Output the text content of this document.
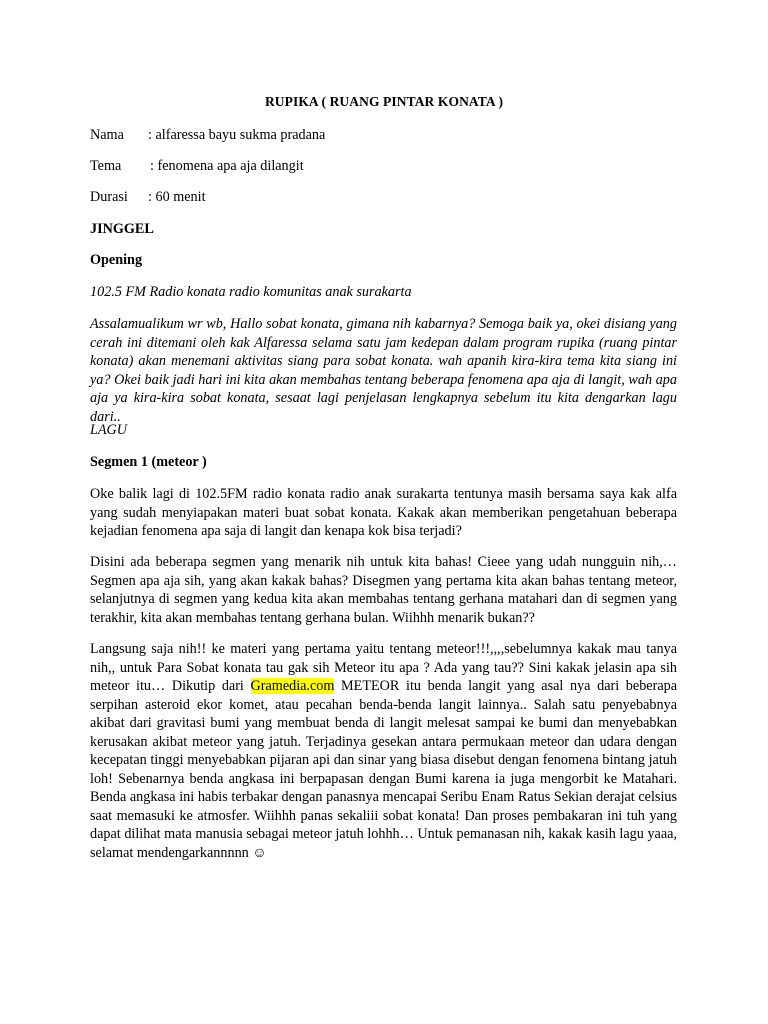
RUPIKA ( RUANG PINTAR KONATA )

Nama : alfaressa bayu sukma pradana

Tema : fenomena apa aja dilangit

Durasi : 60 menit

JINGGEL

Opening

102.5 FM Radio konata radio komunitas anak surakarta

Assalamualikum wr wb, Hallo sobat konata, gimana nih kabarnya? Semoga baik ya, okei disiang yang cerah ini ditemani oleh kak Alfaressa selama satu jam kedepan dalam program rupika (ruang pintar konata) akan menemani aktivitas siang para sobat konata. wah apanih kira-kira tema kita siang ini ya? Okei baik jadi hari ini kita akan membahas tentang beberapa fenomena apa aja di langit, wah apa aja ya kira-kira sobat konata, sesaat lagi penjelasan lengkapnya sebelum itu kita dengarkan lagu dari..

LAGU

Segmen 1 (meteor )

Oke balik lagi di 102.5FM radio konata radio anak surakarta tentunya masih bersama saya kak alfa yang sudah menyiapakan materi buat sobat konata. Kakak akan memberikan pengetahuan beberapa kejadian fenomena apa saja di langit dan kenapa kok bisa terjadi?

Disini ada beberapa segmen yang menarik nih untuk kita bahas! Cieee yang udah nungguin nih,… Segmen apa aja sih, yang akan kakak bahas? Disegmen yang pertama kita akan bahas tentang meteor, selanjutnya di segmen yang kedua kita akan membahas tentang gerhana matahari dan di segmen yang terakhir, kita akan membahas tentang gerhana bulan. Wiihhh menarik bukan??

Langsung saja nih!! ke materi yang pertama yaitu tentang meteor!!!,,,,sebelumnya kakak mau tanya nih,, untuk Para Sobat konata tau gak sih Meteor itu apa ? Ada yang tau?? Sini kakak jelasin apa sih meteor itu… Dikutip dari Gramedia.com METEOR itu benda langit yang asal nya dari beberapa serpihan asteroid ekor komet, atau pecahan benda-benda langit lainnya.. Salah satu penyebabnya akibat dari gravitasi bumi yang membuat benda di langit melesat sampai ke bumi dan menyebabkan kerusakan akibat meteor yang jatuh. Terjadinya gesekan antara permukaan meteor dan udara dengan kecepatan tinggi menyebabkan pijaran api dan sinar yang biasa disebut dengan fenomena bintang jatuh loh! Sebenarnya benda angkasa ini berpapasan dengan Bumi karena ia juga mengorbit ke Matahari. Benda angkasa ini habis terbakar dengan panasnya mencapai Seribu Enam Ratus Sekian derajat celsius saat memasuki ke atmosfer. Wiihhh panas sekaliii sobat konata! Dan proses pembakaran ini tuh yang dapat dilihat mata manusia sebagai meteor jatuh lohhh… Untuk pemanasan nih, kakak kasih lagu yaaa, selamat mendengarkannnnn ☺
